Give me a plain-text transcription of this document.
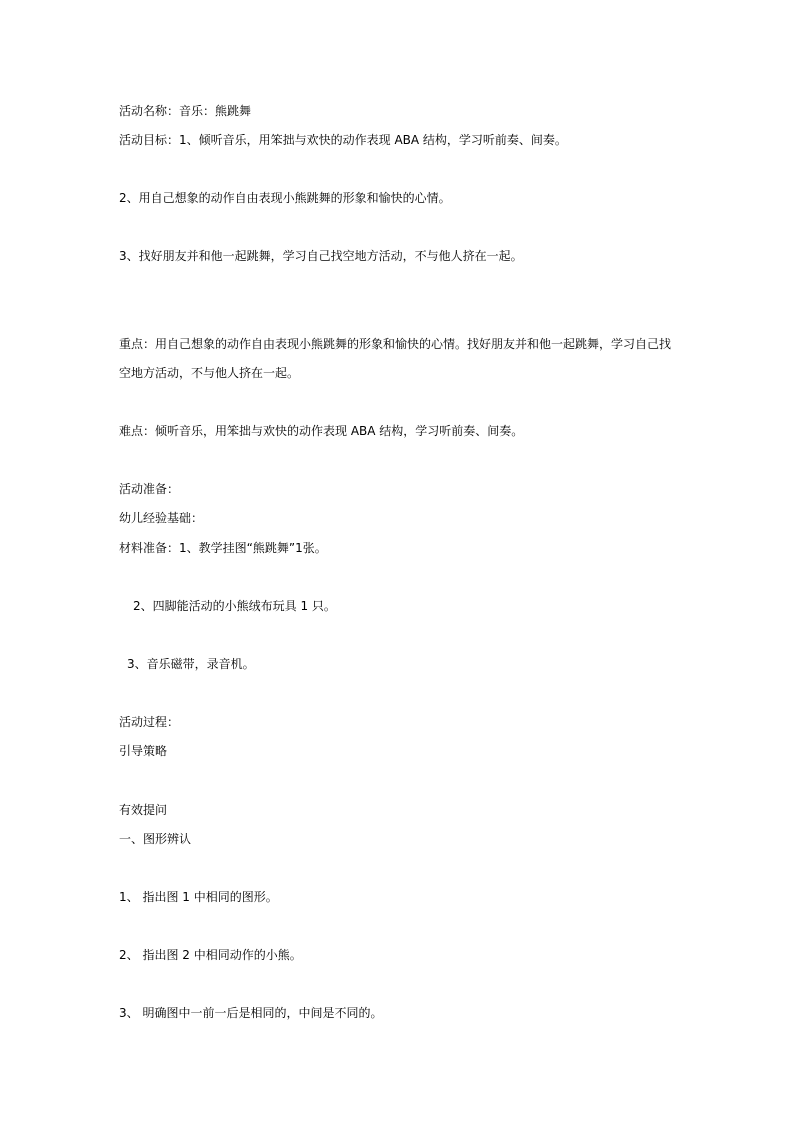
活动名称：音乐：熊跳舞
活动目标：1、倾听音乐，用笨拙与欢快的动作表现 ABA 结构，学习听前奏、间奏。
2、用自己想象的动作自由表现小熊跳舞的形象和愉快的心情。
3、找好朋友并和他一起跳舞，学习自己找空地方活动，不与他人挤在一起。
重点：用自己想象的动作自由表现小熊跳舞的形象和愉快的心情。找好朋友并和他一起跳舞，学习自己找
空地方活动，不与他人挤在一起。
难点：倾听音乐，用笨拙与欢快的动作表现 ABA 结构，学习听前奏、间奏。
活动准备：
幼儿经验基础：
材料准备：1、教学挂图“熊跳舞”1张。
2、四脚能活动的小熊绒布玩具 1 只。
3、音乐磁带，录音机。
活动过程：
引导策略
有效提问
一、图形辨认
1、 指出图 1 中相同的图形。
2、 指出图 2 中相同动作的小熊。
3、 明确图中一前一后是相同的，中间是不同的。
